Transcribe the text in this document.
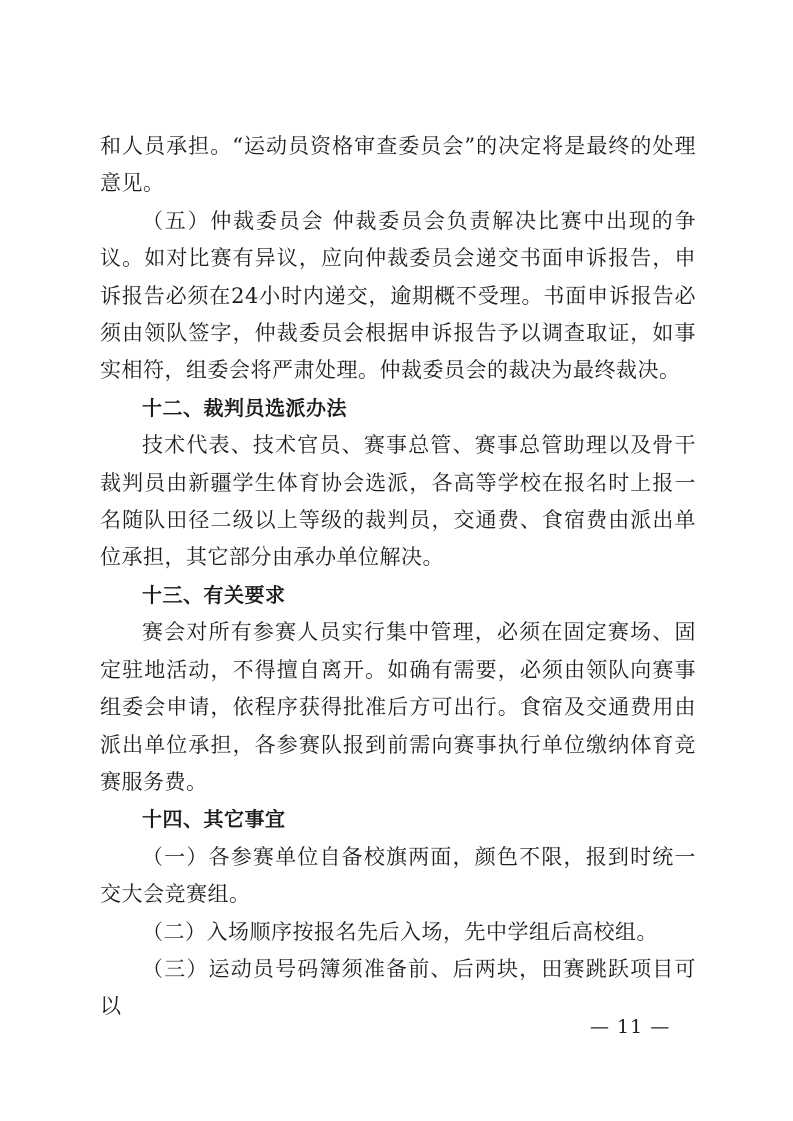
和人员承担。“运动员资格审查委员会”的决定将是最终的处理意见。

（五）仲裁委员会 仲裁委员会负责解决比赛中出现的争议。如对比赛有异议，应向仲裁委员会递交书面申诉报告，申诉报告必须在24小时内递交，逾期概不受理。书面申诉报告必须由领队签字，仲裁委员会根据申诉报告予以调查取证，如事实相符，组委会将严肃处理。仲裁委员会的裁决为最终裁决。

十二、裁判员选派办法

技术代表、技术官员、赛事总管、赛事总管助理以及骨干裁判员由新疆学生体育协会选派，各高等学校在报名时上报一名随队田径二级以上等级的裁判员，交通费、食宿费由派出单位承担，其它部分由承办单位解决。

十三、有关要求

赛会对所有参赛人员实行集中管理，必须在固定赛场、固定驻地活动，不得擅自离开。如确有需要，必须由领队向赛事组委会申请，依程序获得批准后方可出行。食宿及交通费用由派出单位承担，各参赛队报到前需向赛事执行单位缴纳体育竞赛服务费。

十四、其它事宜

（一）各参赛单位自备校旗两面，颜色不限，报到时统一交大会竞赛组。

（二）入场顺序按报名先后入场，先中学组后高校组。

（三）运动员号码簿须准备前、后两块，田赛跳跃项目可以

— 11 —
